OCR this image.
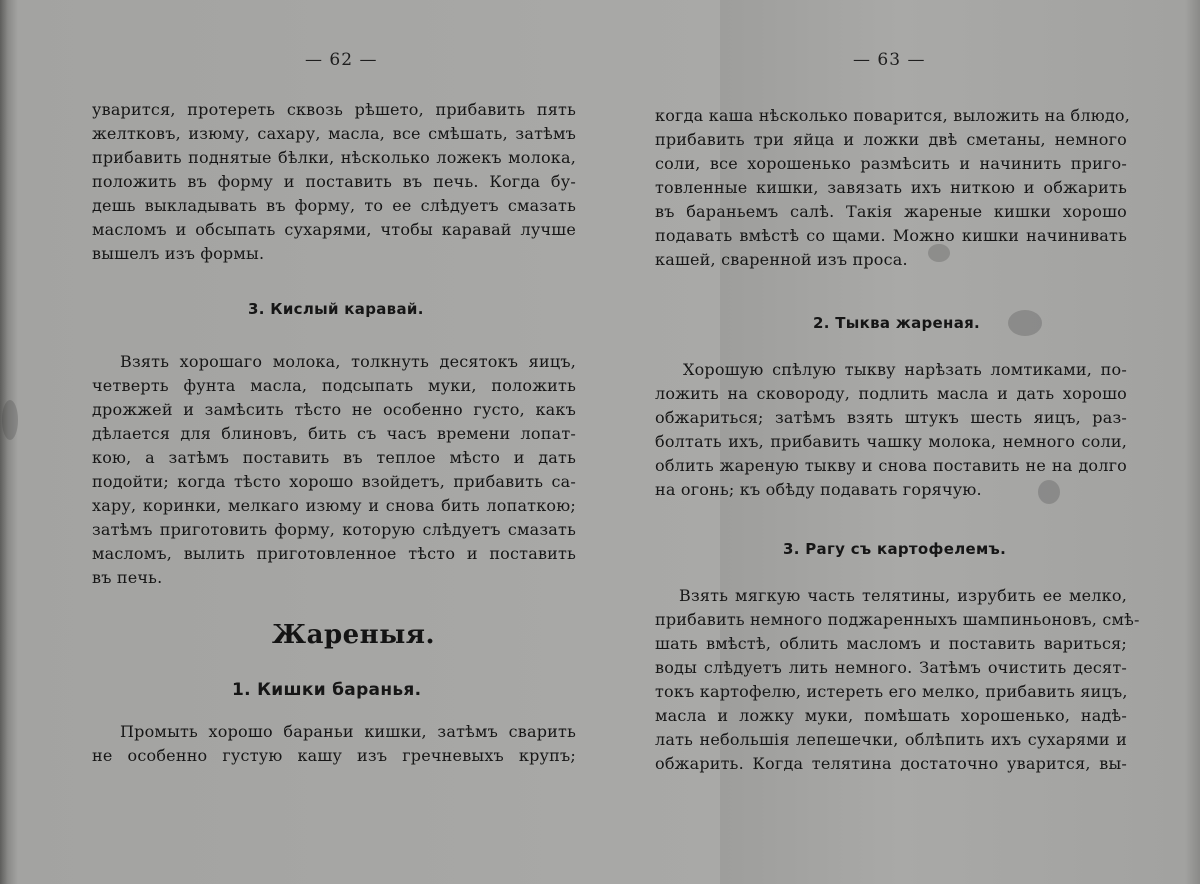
— 62 —
уварится, протереть сквозь рѣшето, прибавить пять
желтковъ, изюму, сахару, масла, все смѣшать, затѣмъ
прибавить поднятые бѣлки, нѣсколько ложекъ молока,
положить въ форму и поставить въ печь. Когда бу-
дешь выкладывать въ форму, то ее слѣдуетъ смазать
масломъ и обсыпать сухарями, чтобы каравай лучше
вышелъ изъ формы.
3. Кислый каравай.
Взять хорошаго молока, толкнуть десятокъ яицъ,
четверть фунта масла, подсыпать муки, положить
дрожжей и замѣсить тѣсто не особенно густо, какъ
дѣлается для блиновъ, бить съ часъ времени лопат-
кою, а затѣмъ поставить въ теплое мѣсто и дать
подойти; когда тѣсто хорошо взойдетъ, прибавить са-
хару, коринки, мелкаго изюму и снова бить лопаткою;
затѣмъ приготовить форму, которую слѣдуетъ смазать
масломъ, вылить приготовленное тѣсто и поставить
въ печь.
Жареныя.
1. Кишки баранья.
Промыть хорошо бараньи кишки, затѣмъ сварить
не особенно густую кашу изъ гречневыхъ крупъ;
— 63 —
когда каша нѣсколько поварится, выложить на блюдо,
прибавить три яйца и ложки двѣ сметаны, немного
соли, все хорошенько размѣсить и начинить приго-
товленные кишки, завязать ихъ ниткою и обжарить
въ бараньемъ салѣ. Такія жареные кишки хорошо
подавать вмѣстѣ со щами. Можно кишки начинивать
кашей, сваренной изъ проса.
2. Тыква жареная.
Хорошую спѣлую тыкву нарѣзать ломтиками, по-
ложить на сковороду, подлить масла и дать хорошо
обжариться; затѣмъ взять штукъ шесть яицъ, раз-
болтать ихъ, прибавить чашку молока, немного соли,
облить жареную тыкву и снова поставить не на долго
на огонь; къ обѣду подавать горячую.
3. Рагу съ картофелемъ.
Взять мягкую часть телятины, изрубить ее мелко,
прибавить немного поджаренныхъ шампиньоновъ, смѣ-
шать вмѣстѣ, облить масломъ и поставить вариться;
воды слѣдуетъ лить немного. Затѣмъ очистить десят-
токъ картофелю, истереть его мелко, прибавить яицъ,
масла и ложку муки, помѣшать хорошенько, надѣ-
лать небольшія лепешечки, облѣпить ихъ сухарями и
обжарить. Когда телятина достаточно уварится, вы-
